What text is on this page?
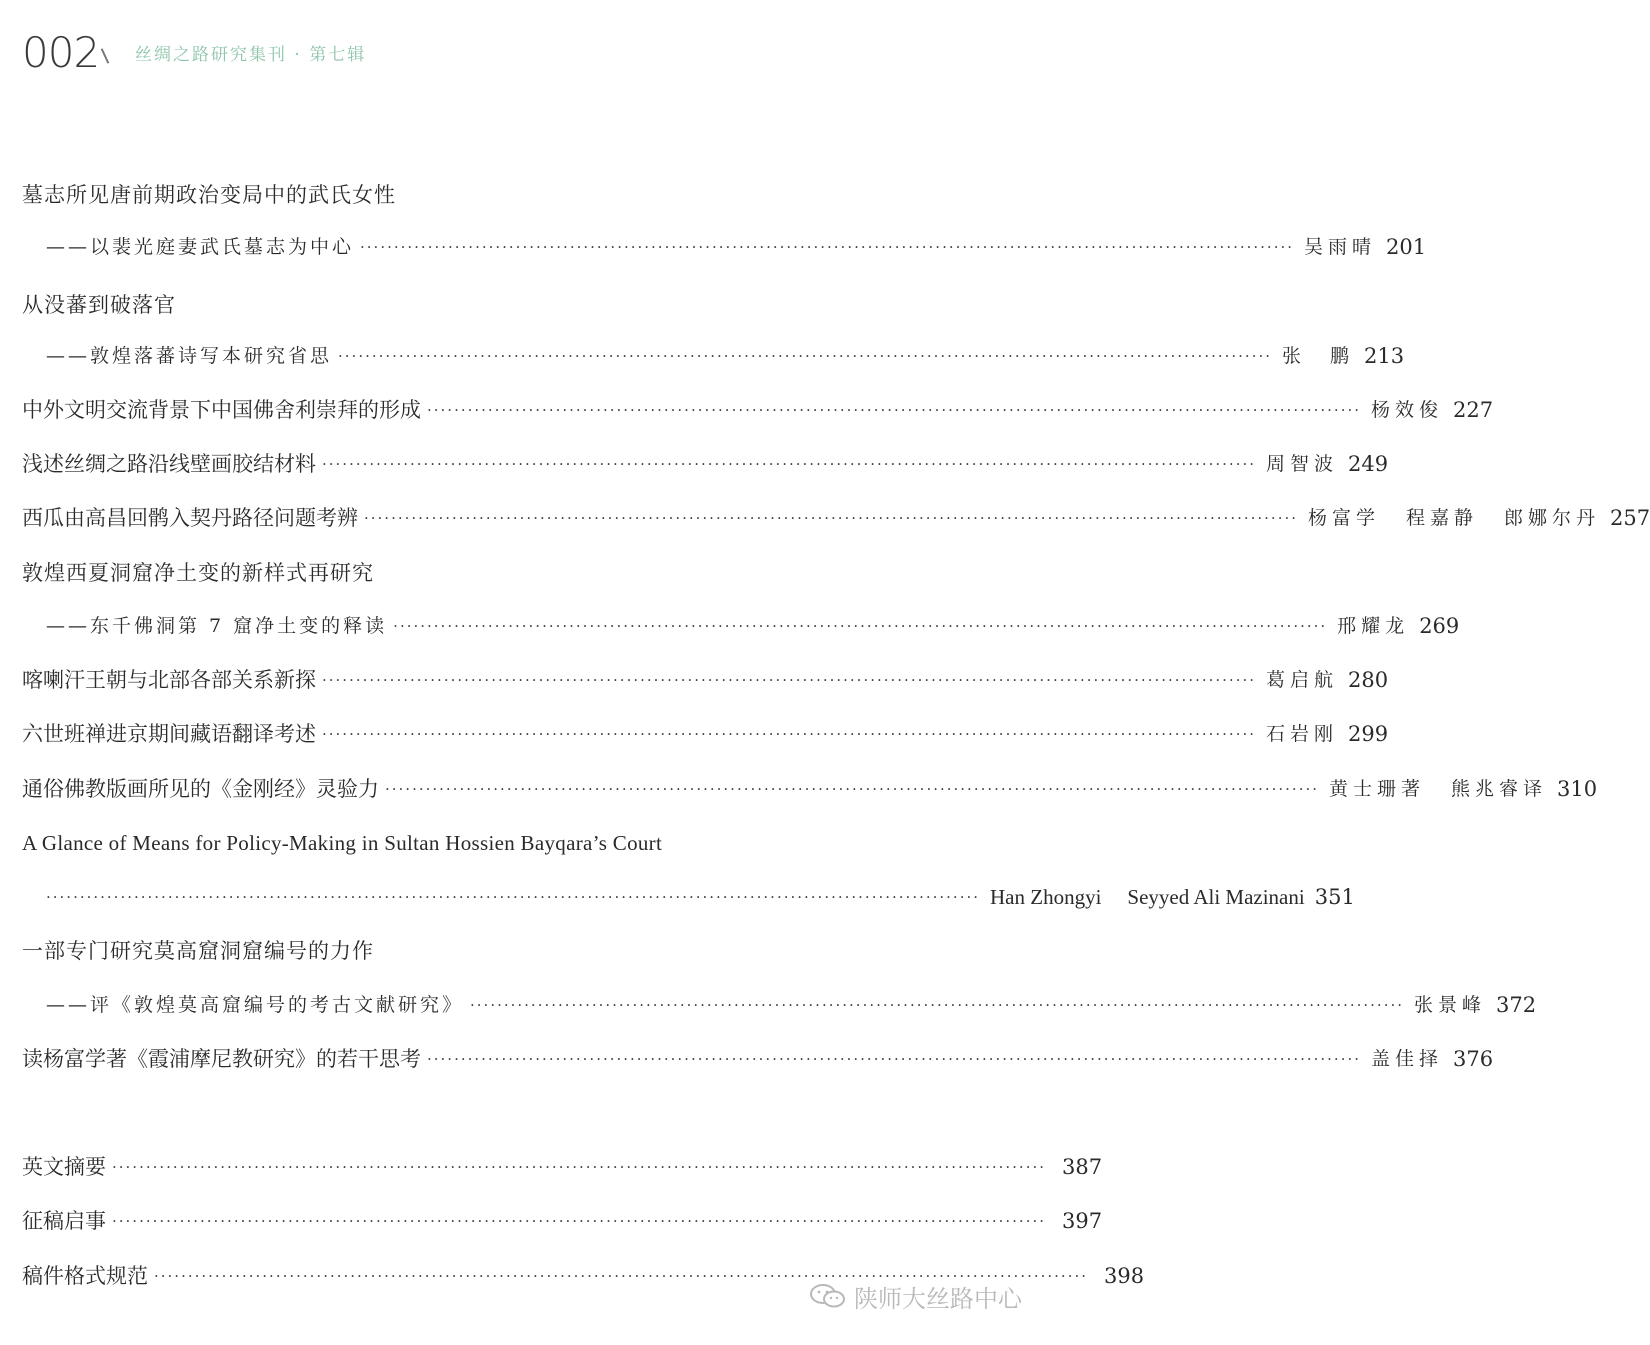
002 丝绸之路研究集刊 · 第七辑
墓志所见唐前期政治变局中的武氏女性
——以裴光庭妻武氏墓志为中心 ·········································································································································· 吴雨晴 201
从没蕃到破落官
——敦煌落蕃诗写本研究省思 ·········································································································································· 张　鹏 213
中外文明交流背景下中国佛舍利崇拜的形成 ·········································································································································· 杨效俊 227
浅述丝绸之路沿线壁画胶结材料 ·········································································································································· 周智波 249
西瓜由高昌回鹘入契丹路径问题考辨 ·········································································································································· 杨富学 程嘉静 郎娜尔丹 257
敦煌西夏洞窟净土变的新样式再研究
——东千佛洞第 7 窟净土变的释读 ·········································································································································· 邢耀龙 269
喀喇汗王朝与北部各部关系新探 ·········································································································································· 葛启航 280
六世班禅进京期间藏语翻译考述 ·········································································································································· 石岩刚 299
通俗佛教版画所见的《金刚经》灵验力 ·········································································································································· 黄士珊著 熊兆睿译 310
A Glance of Means for Policy-Making in Sultan Hossien Bayqara’s Court
·········································································································································· Han Zhongyi Seyyed Ali Mazinani 351
一部专门研究莫高窟洞窟编号的力作
——评《敦煌莫高窟编号的考古文献研究》 ·········································································································································· 张景峰 372
读杨富学著《霞浦摩尼教研究》的若干思考 ·········································································································································· 盖佳择 376
英文摘要 ·········································································································································· 387
征稿启事 ·········································································································································· 397
稿件格式规范 ·········································································································································· 398
陕师大丝路中心
